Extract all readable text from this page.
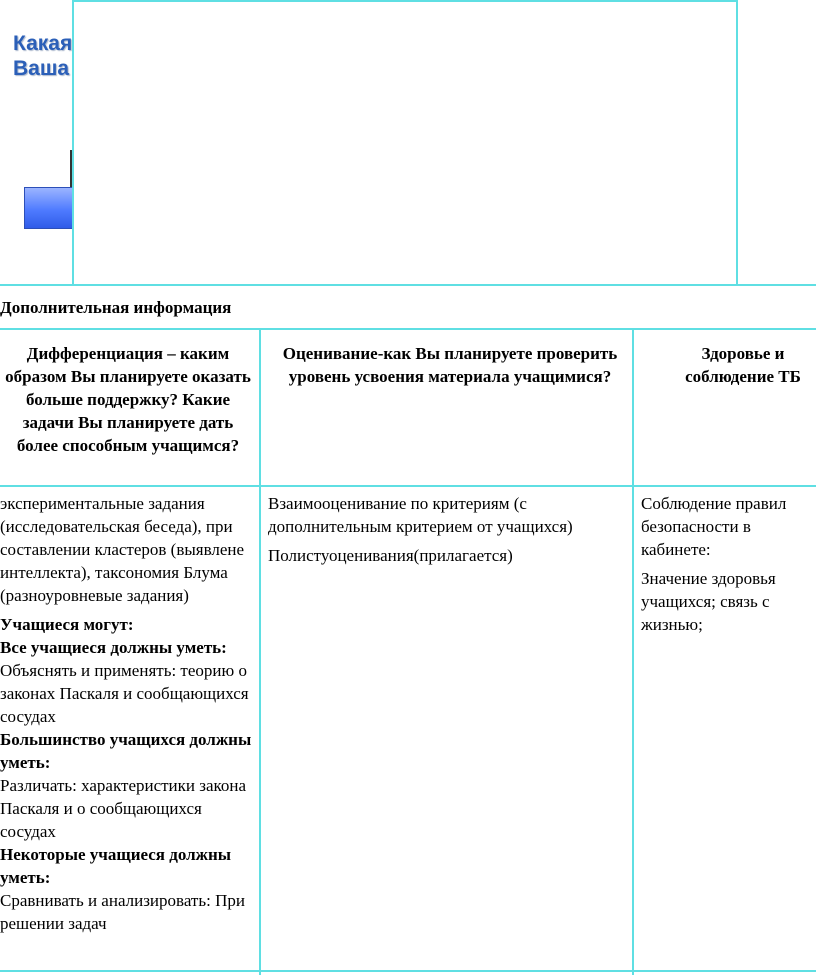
Какая
Ваша
Дополнительная информация
Дифференциация – каким образом Вы планируете оказать больше поддержку? Какие задачи Вы планируете дать более способным учащимся?
Оценивание-как Вы планируете проверить уровень усвоения материала учащимися?
Здоровье и соблюдение ТБ

экспериментальные задания (исследовательская беседа), при составлении кластеров (выявлене интеллекта), таксономия Блума (разноуровневые задания)

Учащиеся могут:

Все учащиеся должны уметь:

Объяснять и применять: теорию о законах Паскаля и сообщающихся сосудах

Большинство учащихся должны уметь:

Различать: характеристики закона Паскаля и о сообщающихся сосудах

Некоторые учащиеся должны уметь:

Сравнивать и анализировать: При решении задач

Взаимооценивание по критериям (с дополнительным критерием от учащихся)

Полистуоценивания(прилагается)

Соблюдение правил безопасности в кабинете:

Значение здоровья учащихся; связь с жизнью;
